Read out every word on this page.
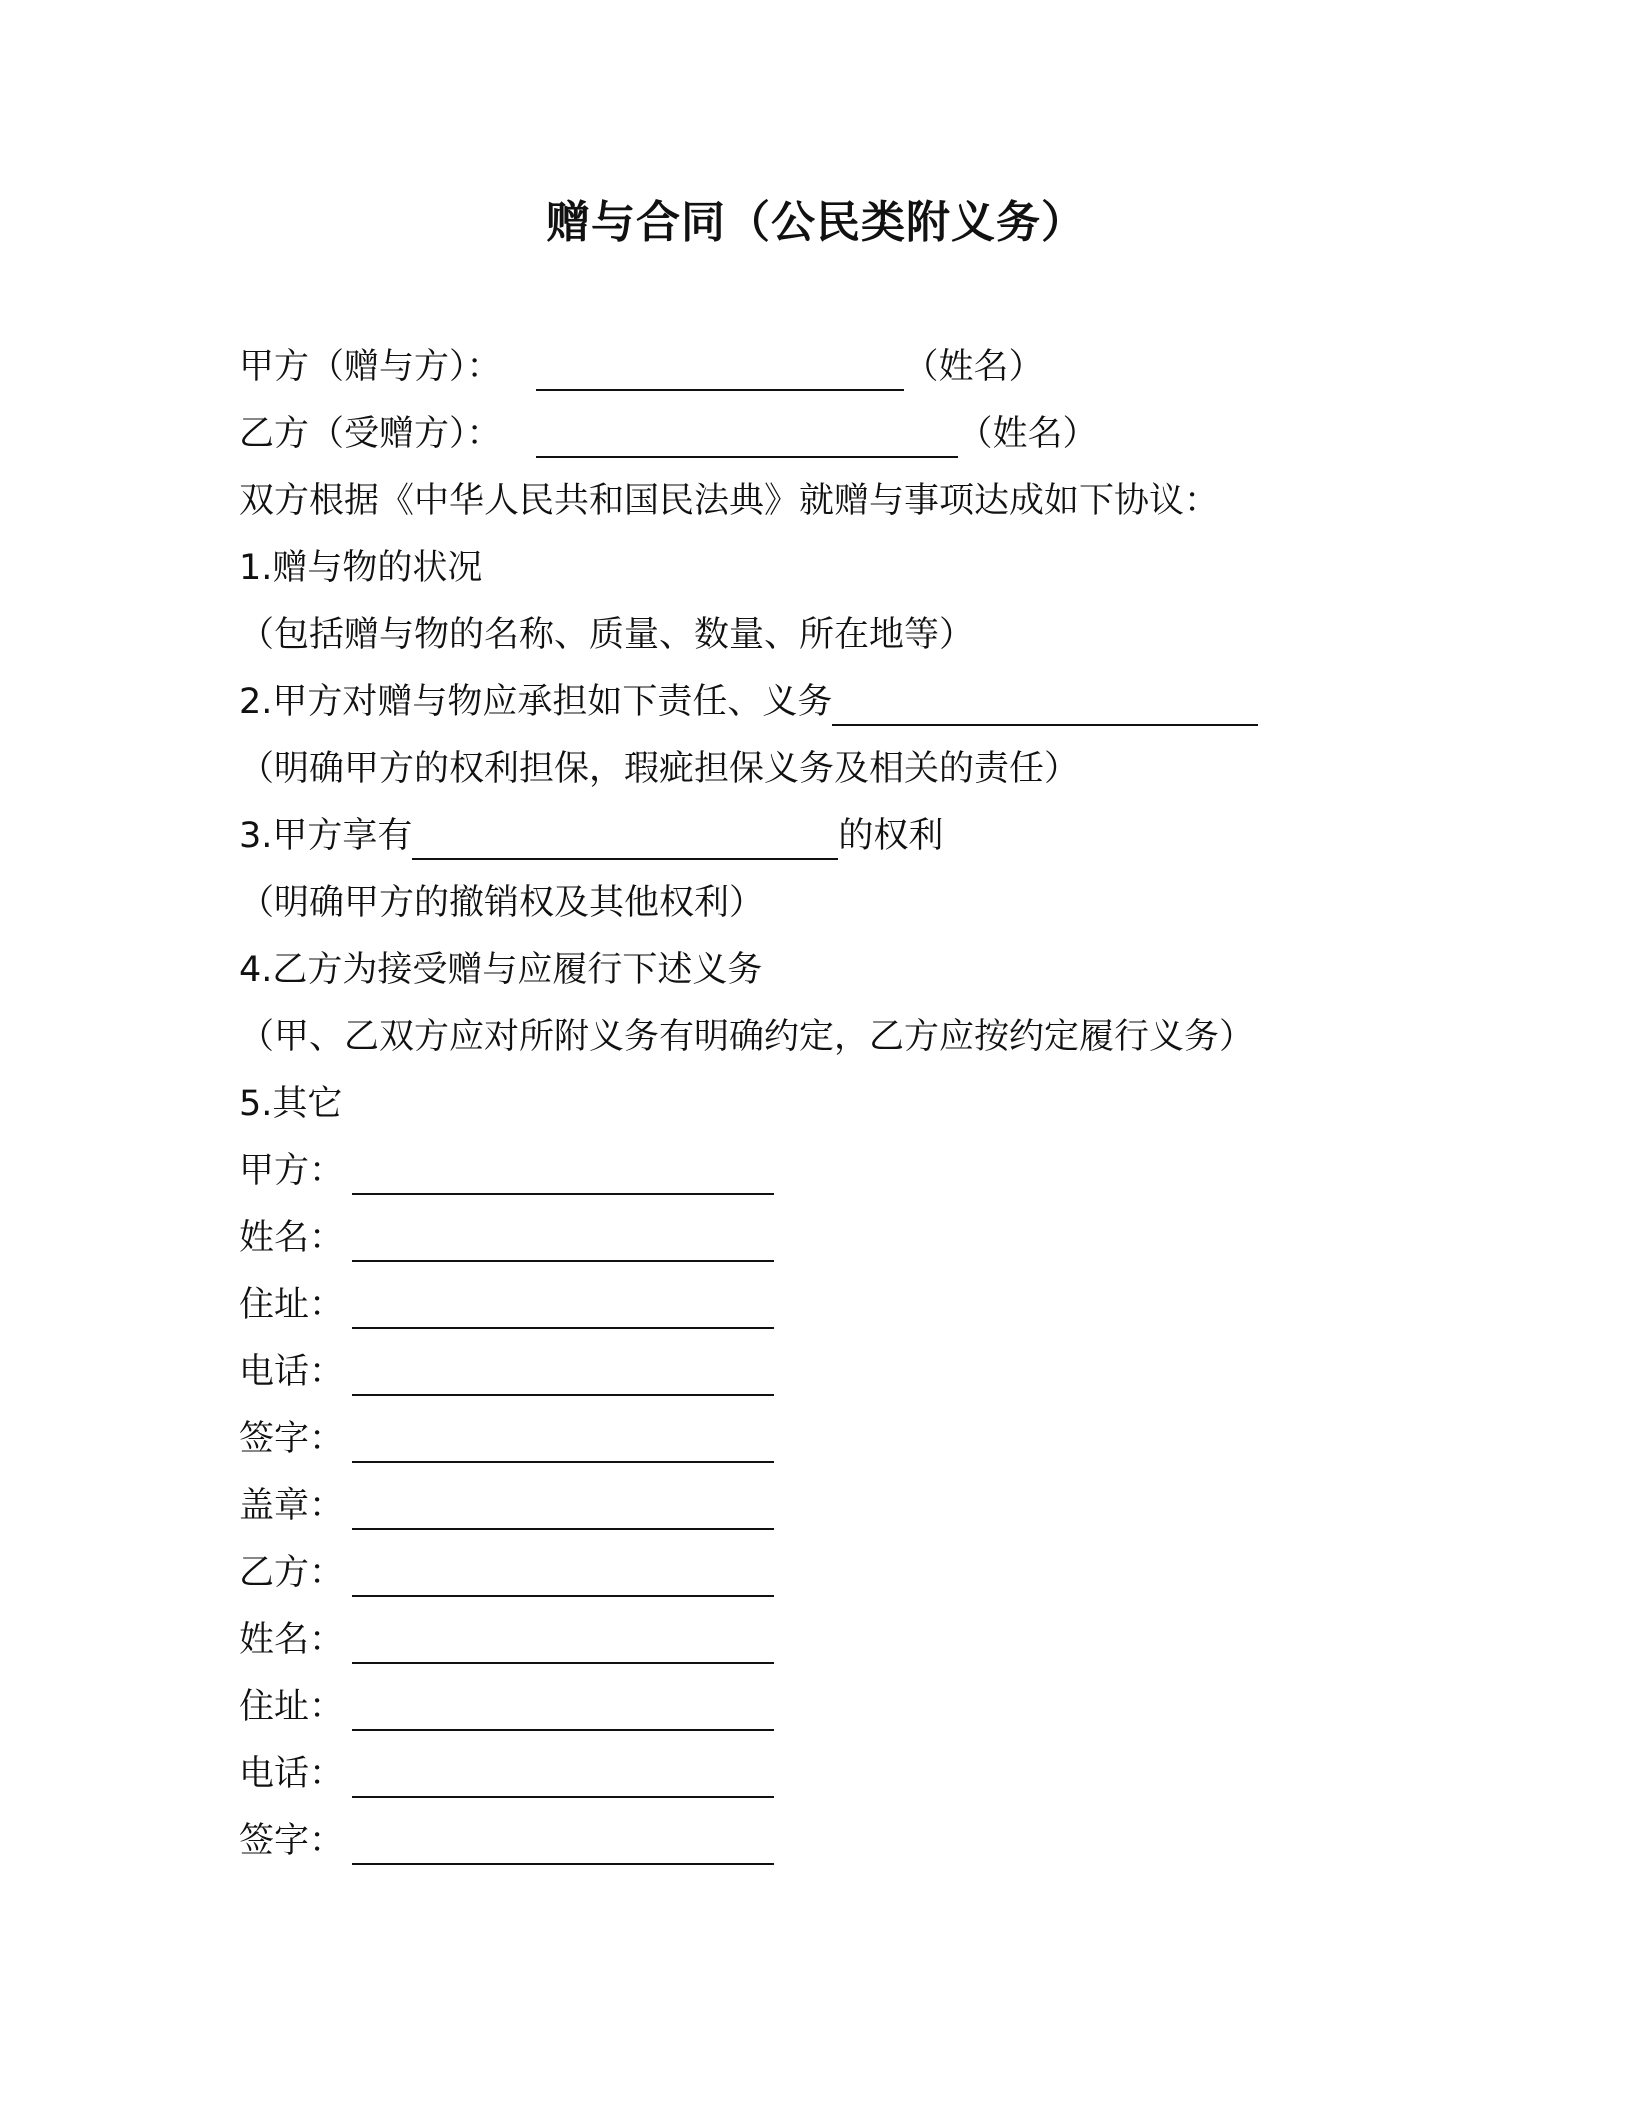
赠与合同（公民类附义务）
甲方（赠与方）：	（姓名）
乙方（受赠方）：	（姓名）
双方根据《中华人民共和国民法典》就赠与事项达成如下协议：
1.赠与物的状况
（包括赠与物的名称、质量、数量、所在地等）
2.甲方对赠与物应承担如下责任、义务
（明确甲方的权利担保，瑕疵担保义务及相关的责任）
3.甲方享有	的权利
（明确甲方的撤销权及其他权利）
4.乙方为接受赠与应履行下述义务
（甲、乙双方应对所附义务有明确约定，乙方应按约定履行义务）
5.其它
甲方：
姓名：
住址：
电话：
签字：
盖章：
乙方：
姓名：
住址：
电话：
签字：
